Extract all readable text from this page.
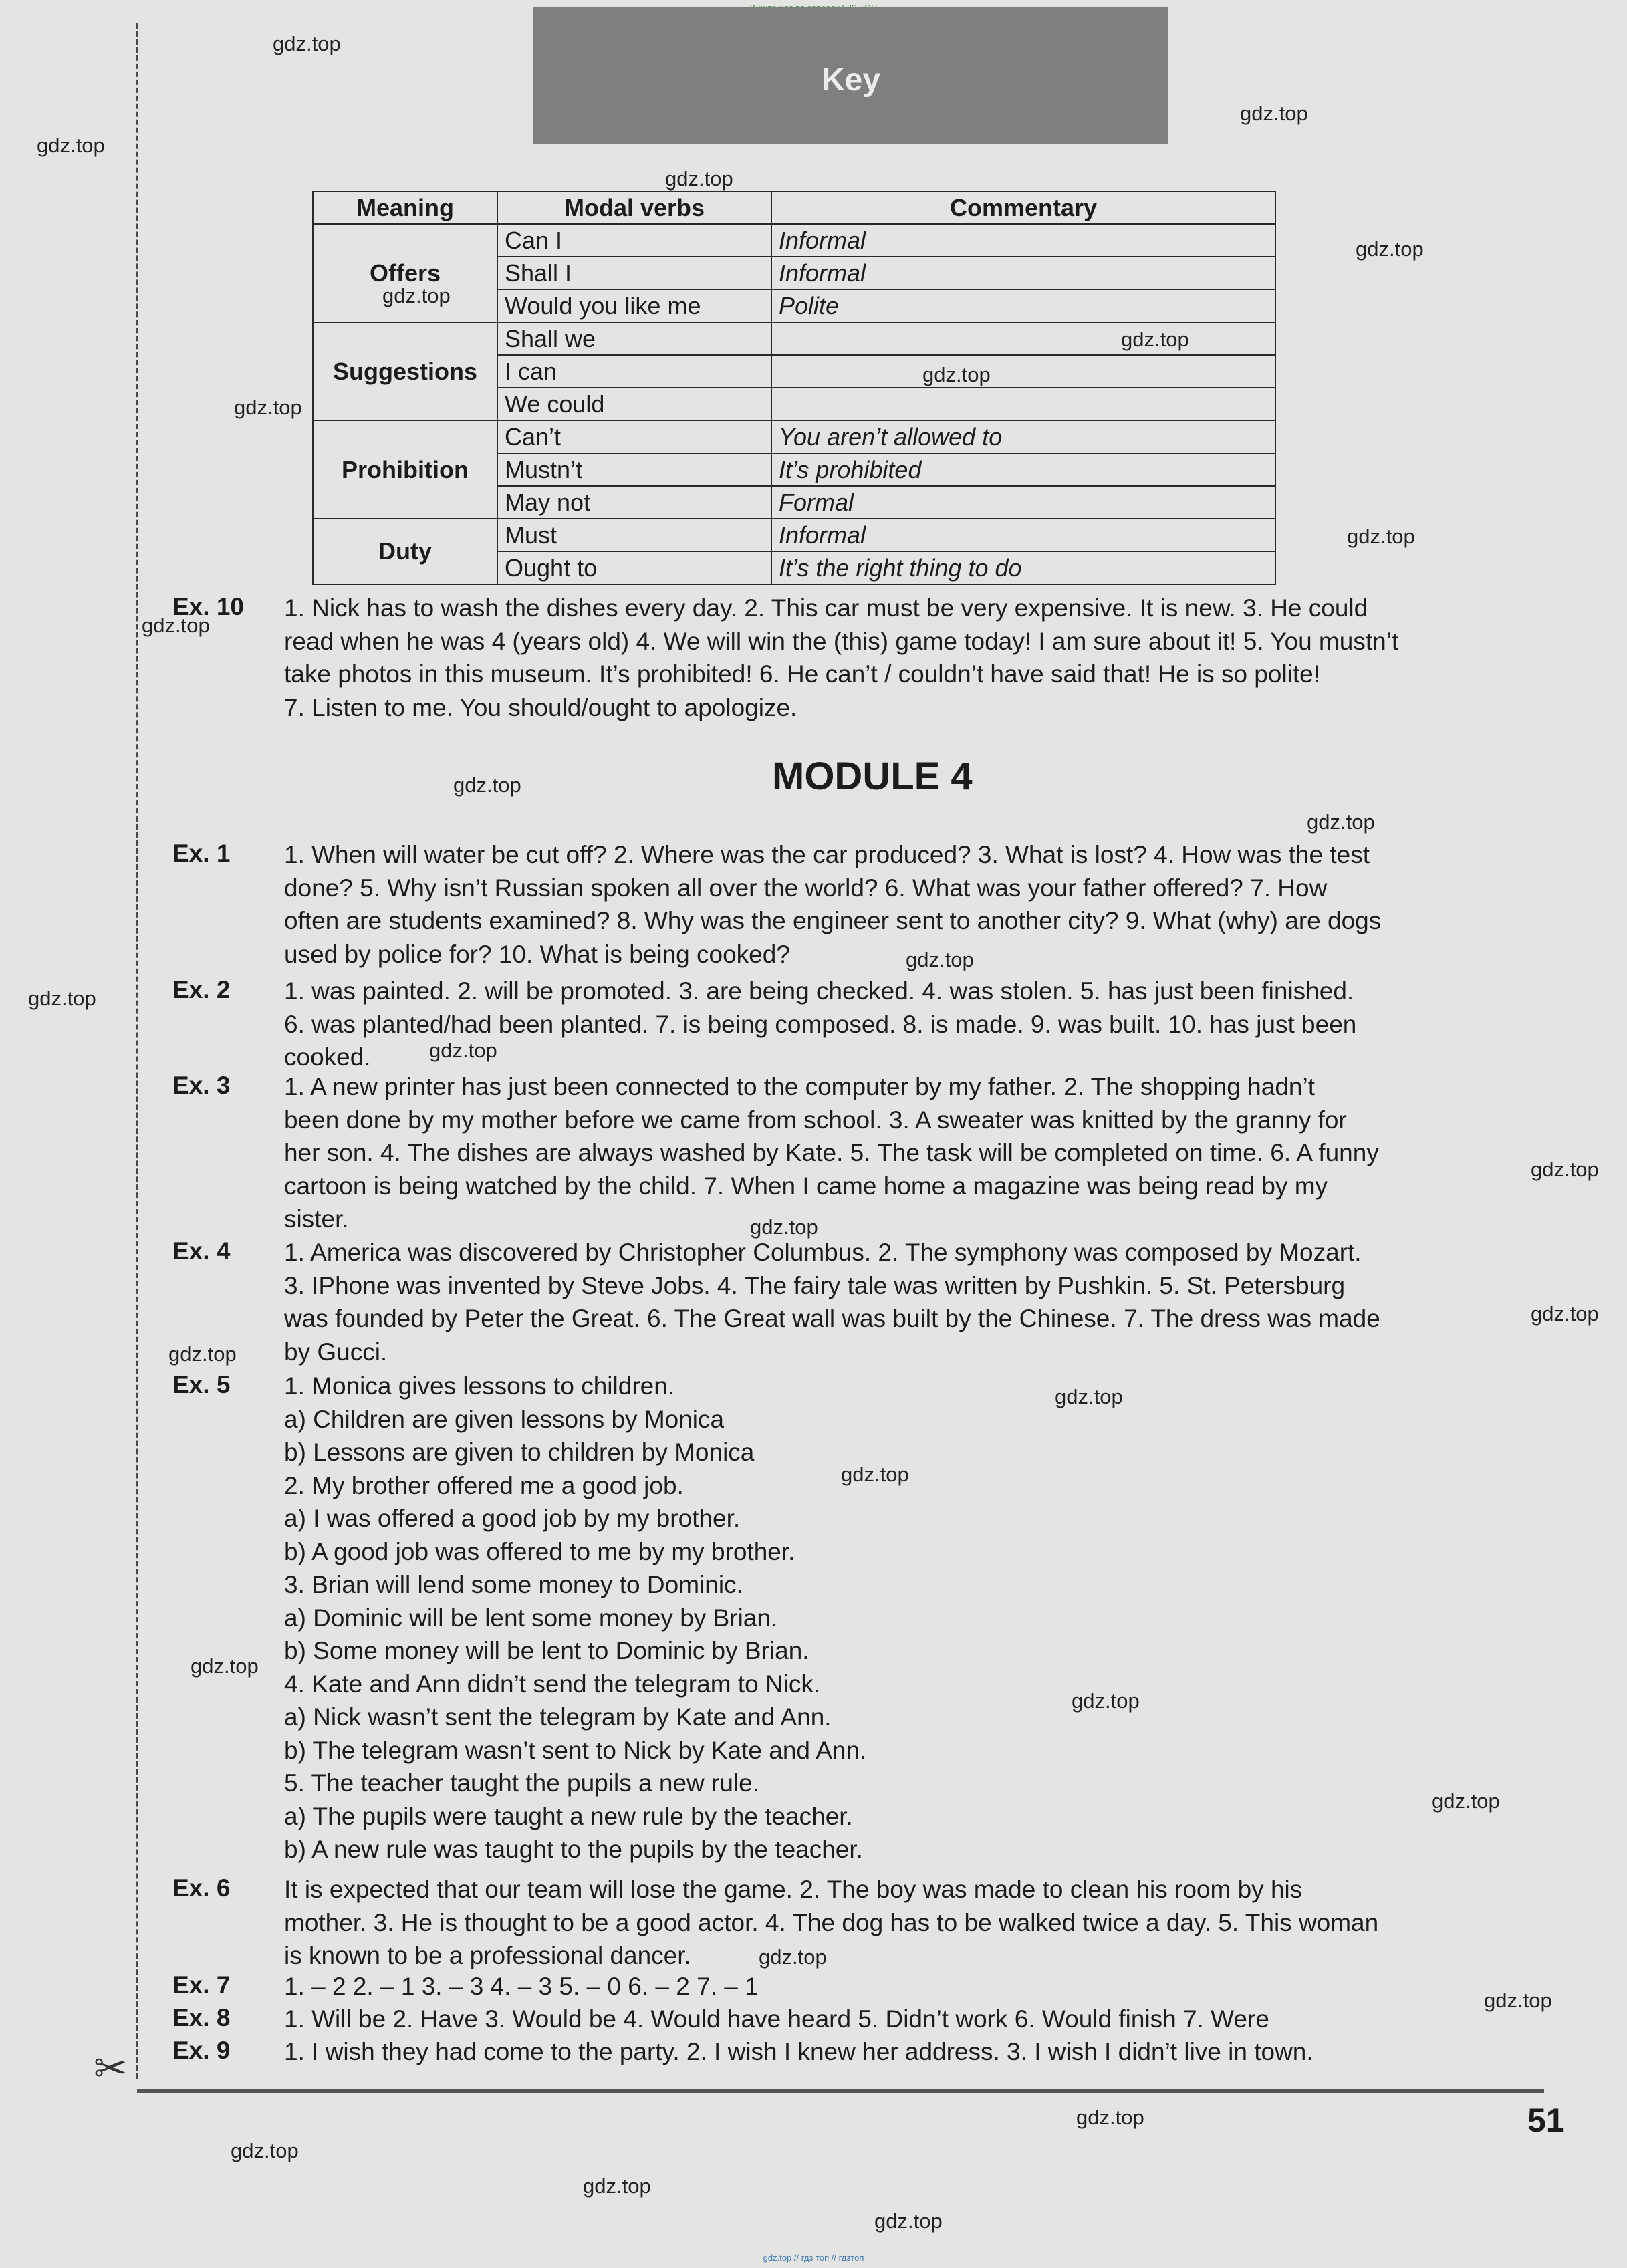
Key
Meaning	Modal verbs	Commentary
Offers	Can I	Informal
	Shall I	Informal
	Would you like me	Polite
Suggestions	Shall we	
	I can	
	We could	
Prohibition	Can’t	You aren’t allowed to
	Mustn’t	It’s prohibited
	May not	Formal
Duty	Must	Informal
	Ought to	It’s the right thing to do
MODULE 4
Ex. 10 1. Nick has to wash the dishes every day. 2. This car must be very expensive. It is new. 3. He could
read when he was 4 (years old) 4. We will win the (this) game today! I am sure about it! 5. You mustn’t
take photos in this museum. It’s prohibited! 6. He can’t / couldn’t have said that! He is so polite!
7. Listen to me. You should/ought to apologize.
Ex. 1 1. When will water be cut off? 2. Where was the car produced? 3. What is lost? 4. How was the test
done? 5. Why isn’t Russian spoken all over the world? 6. What was your father offered? 7. How
often are students examined? 8. Why was the engineer sent to another city? 9. What (why) are dogs
used by police for? 10. What is being cooked?
Ex. 2 1. was painted. 2. will be promoted. 3. are being checked. 4. was stolen. 5. has just been finished.
6. was planted/had been planted. 7. is being composed. 8. is made. 9. was built. 10. has just been
cooked.
Ex. 3 1. A new printer has just been connected to the computer by my father. 2. The shopping hadn’t
been done by my mother before we came from school. 3. A sweater was knitted by the granny for
her son. 4. The dishes are always washed by Kate. 5. The task will be completed on time. 6. A funny
cartoon is being watched by the child. 7. When I came home a magazine was being read by my
sister.
Ex. 4 1. America was discovered by Christopher Columbus. 2. The symphony was composed by Mozart.
3. IPhone was invented by Steve Jobs. 4. The fairy tale was written by Pushkin. 5. St. Petersburg
was founded by Peter the Great. 6. The Great wall was built by the Chinese. 7. The dress was made
by Gucci.
Ex. 5 1. Monica gives lessons to children.
a) Children are given lessons by Monica
b) Lessons are given to children by Monica
2. My brother offered me a good job.
a) I was offered a good job by my brother.
b) A good job was offered to me by my brother.
3. Brian will lend some money to Dominic.
a) Dominic will be lent some money by Brian.
b) Some money will be lent to Dominic by Brian.
4. Kate and Ann didn’t send the telegram to Nick.
a) Nick wasn’t sent the telegram by Kate and Ann.
b) The telegram wasn’t sent to Nick by Kate and Ann.
5. The teacher taught the pupils a new rule.
a) The pupils were taught a new rule by the teacher.
b) A new rule was taught to the pupils by the teacher.
Ex. 6 It is expected that our team will lose the game. 2. The boy was made to clean his room by his
mother. 3. He is thought to be a good actor. 4. The dog has to be walked twice a day. 5. This woman
is known to be a professional dancer.
Ex. 7 1. – 2 2. – 1 3. – 3 4. – 3 5. – 0 6. – 2 7. – 1
Ex. 8 1. Will be 2. Have 3. Would be 4. Would have heard 5. Didn’t work 6. Would finish 7. Were
Ex. 9 1. I wish they had come to the party. 2. I wish I knew her address. 3. I wish I didn’t live in town.
✂
51
gdz.top
gdz.top
gdz.top
gdz.top
gdz.top
gdz.top
gdz.top
gdz.top
gdz.top
gdz.top
gdz.top
gdz.top
gdz.top
gdz.top
gdz.top
gdz.top
gdz.top
gdz.top
gdz.top
gdz.top
gdz.top
gdz.top
gdz.top
gdz.top
gdz.top
gdz.top
gdz.top
gdz.top
gdz.top
gdz.top
gdz.top
gdz.top // гдз топ // гдзтоп
